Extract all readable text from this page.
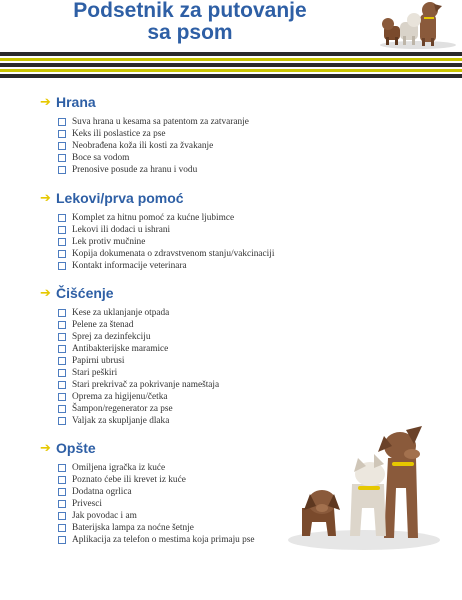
Podsetnik za putovanje
sa psom
➔ Hrana
Suva hrana u kesama sa patentom za zatvaranje
Keks ili poslastice za pse
Neobrađena koža ili kosti za žvakanje
Boce sa vodom
Prenosive posude za hranu i vodu
➔ Lekovi/prva pomoć
Komplet za hitnu pomoć za kućne ljubimce
Lekovi ili dodaci u ishrani
Lek protiv mučnine
Kopija dokumenata o zdravstvenom stanju/vakcinaciji
Kontakt informacije veterinara
➔ Čišćenje
Kese za uklanjanje otpada
Pelene za štenad
Sprej za dezinfekciju
Antibakterijske maramice
Papirni ubrusi
Stari peškiri
Stari prekrivač za pokrivanje nameštaja
Oprema za higijenu/četka
Šampon/regenerator za pse
Valjak za skupljanje dlaka
➔ Opšte
Omiljena igračka iz kuće
Poznato ćebe ili krevet iz kuće
Dodatna ogrlica
Privesci
Jak povodac i am
Baterijska lampa za noćne šetnje
Aplikacija za telefon o mestima koja primaju pse
